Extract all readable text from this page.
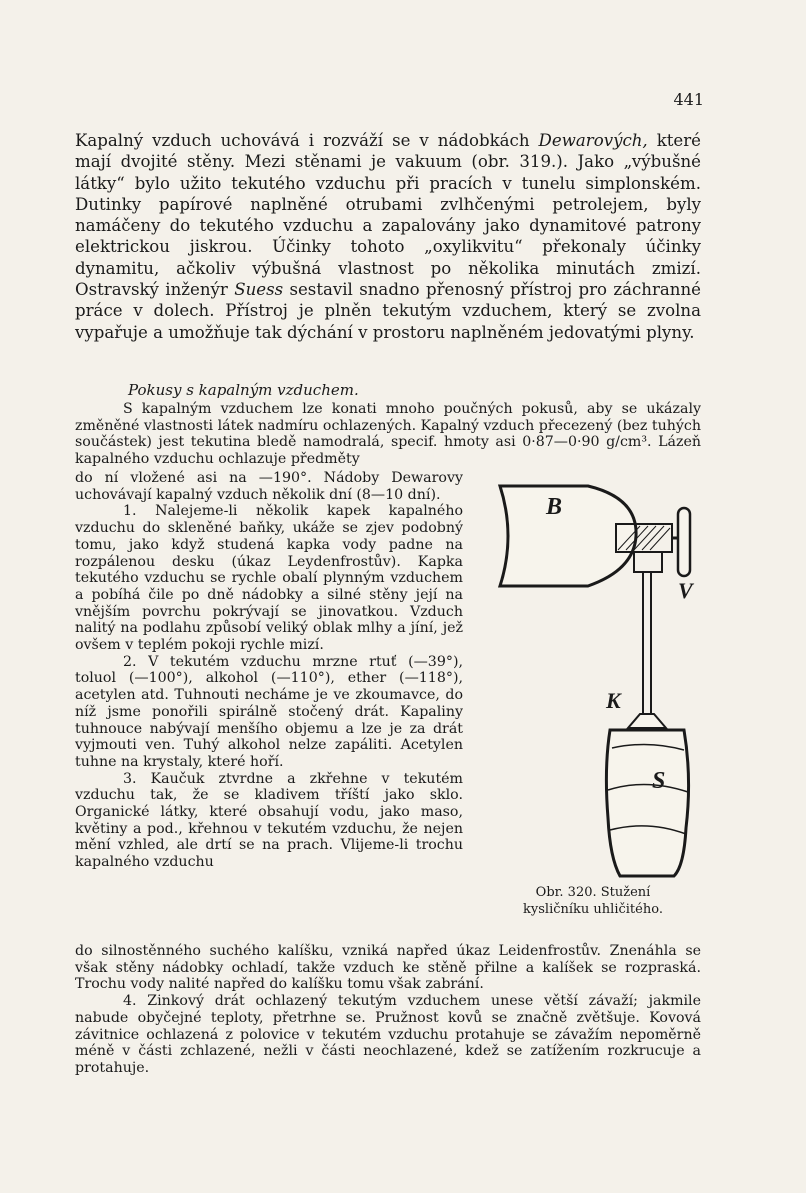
441

Kapalný vzduch uchovává i rozváží se v nádobkách Dewarových, které mají dvojité stěny. Mezi stěnami je vakuum (obr. 319.). Jako „výbušné látky“ bylo užito tekutého vzduchu při pracích v tunelu simplonském. Dutinky papírové naplněné otrubami zvlhčenými petrolejem, byly namáčeny do tekutého vzduchu a zapalovány jako dynamitové patrony elektrickou jiskrou. Účinky tohoto „oxylikvitu“ překonaly účinky dynamitu, ačkoliv výbušná vlastnost po několika minutách zmizí. Ostravský inženýr Suess sestavil snadno přenosný přístroj pro záchranné práce v dolech. Přístroj je plněn tekutým vzduchem, který se zvolna vypařuje a umožňuje tak dýchání v prostoru naplněném jedovatými plyny.

Pokusy s kapalným vzduchem.

S kapalným vzduchem lze konati mnoho poučných pokusů, aby se ukázaly změněné vlastnosti látek nadmíru ochlazených. Kapalný vzduch přecezený (bez tuhých součástek) jest tekutina bledě namodralá, specif. hmoty asi 0·87—0·90 g/cm³. Lázeň kapalného vzduchu ochlazuje předměty

do ní vložené asi na —190°. Nádoby Dewarovy uchovávají kapalný vzduch několik dní (8—10 dní).

1. Nalejeme-li několik kapek kapalného vzduchu do skleněné baňky, ukáže se zjev podobný tomu, jako když studená kapka vody padne na rozpálenou desku (úkaz Leydenfrostův). Kapka tekutého vzduchu se rychle obalí plynným vzduchem a pobíhá čile po dně nádobky a silné stěny její na vnějším povrchu pokrývají se jinovatkou. Vzduch nalitý na podlahu způsobí veliký oblak mlhy a jíní, jež ovšem v teplém pokoji rychle mizí.

2. V tekutém vzduchu mrzne rtuť (—39°), toluol (—100°), alkohol (—110°), ether (—118°), acetylen atd. Tuhnouti necháme je ve zkoumavce, do níž jsme ponořili spirálně stočený drát. Kapaliny tuhnouce nabývají menšího objemu a lze je za drát vyjmouti ven. Tuhý alkohol nelze zapáliti. Acetylen tuhne na krystaly, které hoří.

3. Kaučuk ztvrdne a zkřehne v tekutém vzduchu tak, že se kladivem tříští jako sklo. Organické látky, které obsahují vodu, jako maso, květiny a pod., křehnou v tekutém vzduchu, že nejen mění vzhled, ale drtí se na prach. Vlijeme-li trochu kapalného vzduchu

B
V
K
S
Obr. 320. Stužení
kysličníku uhličitého.

do silnostěnného suchého kalíšku, vzniká napřed úkaz Leidenfrostův. Znenáhla se však stěny nádobky ochladí, takže vzduch ke stěně přilne a kalíšek se rozpraská. Trochu vody nalité napřed do kalíšku tomu však zabrání.

4. Zinkový drát ochlazený tekutým vzduchem unese větší závaží; jakmile nabude obyčejné teploty, přetrhne se. Pružnost kovů se značně zvětšuje. Kovová závitnice ochlazená z polovice v tekutém vzduchu protahuje se závažím nepoměrně méně v části zchlazené, nežli v části neochlazené, kdež se zatížením rozkrucuje a protahuje.
